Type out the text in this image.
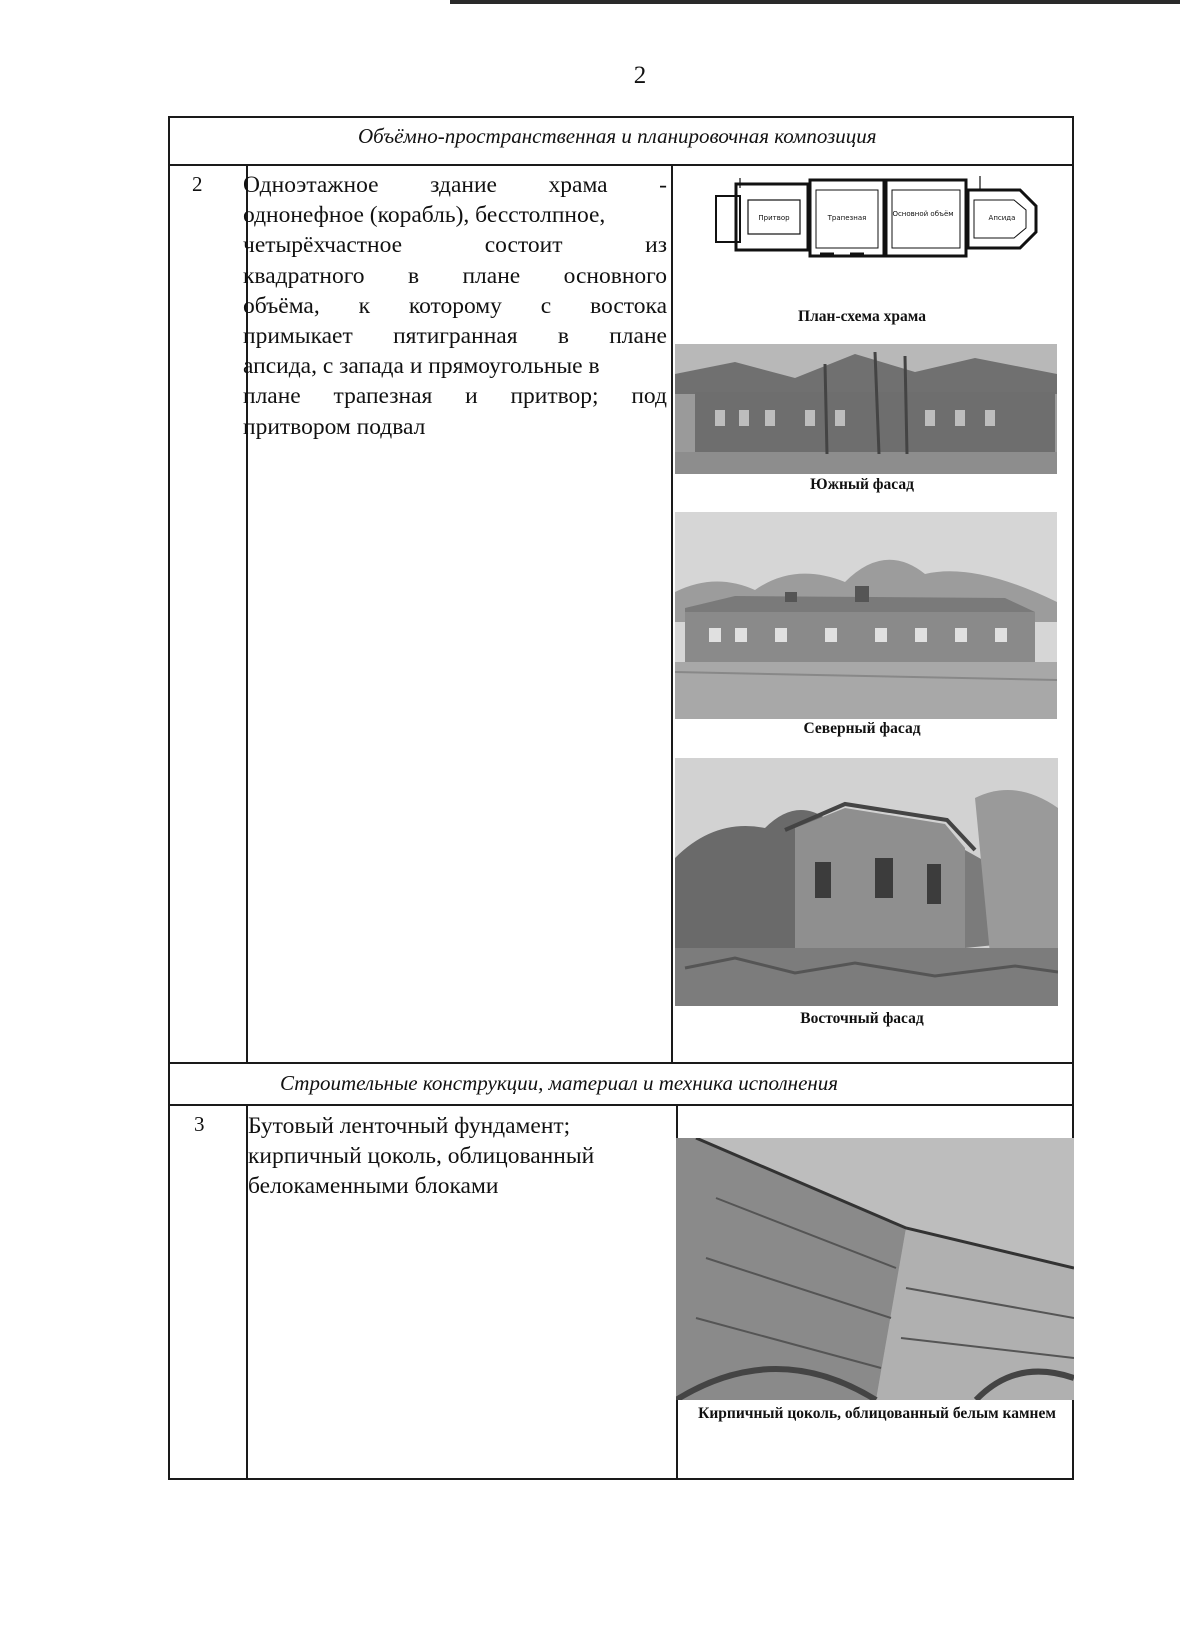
2
Объёмно-пространственная и планировочная композиция
2 Одноэтажное здание храма -
однонефное (корабль), бесстолпное,
четырёхчастное	состоит	из
квадратного в плане основного
объёма, к которому с востока
примыкает пятигранная в плане
апсида, с запада и прямоугольные в
плане трапезная и притвор; под
притвором подвал
Притвор	Трапезная	Основной объём	Апсида
План-схема храма
Южный фасад
Северный фасад
Восточный фасад
Строительные конструкции, материал и техника исполнения
3 Бутовый ленточный фундамент;
кирпичный цоколь, облицованный
белокаменными блоками
Кирпичный цоколь, облицованный белым камнем
